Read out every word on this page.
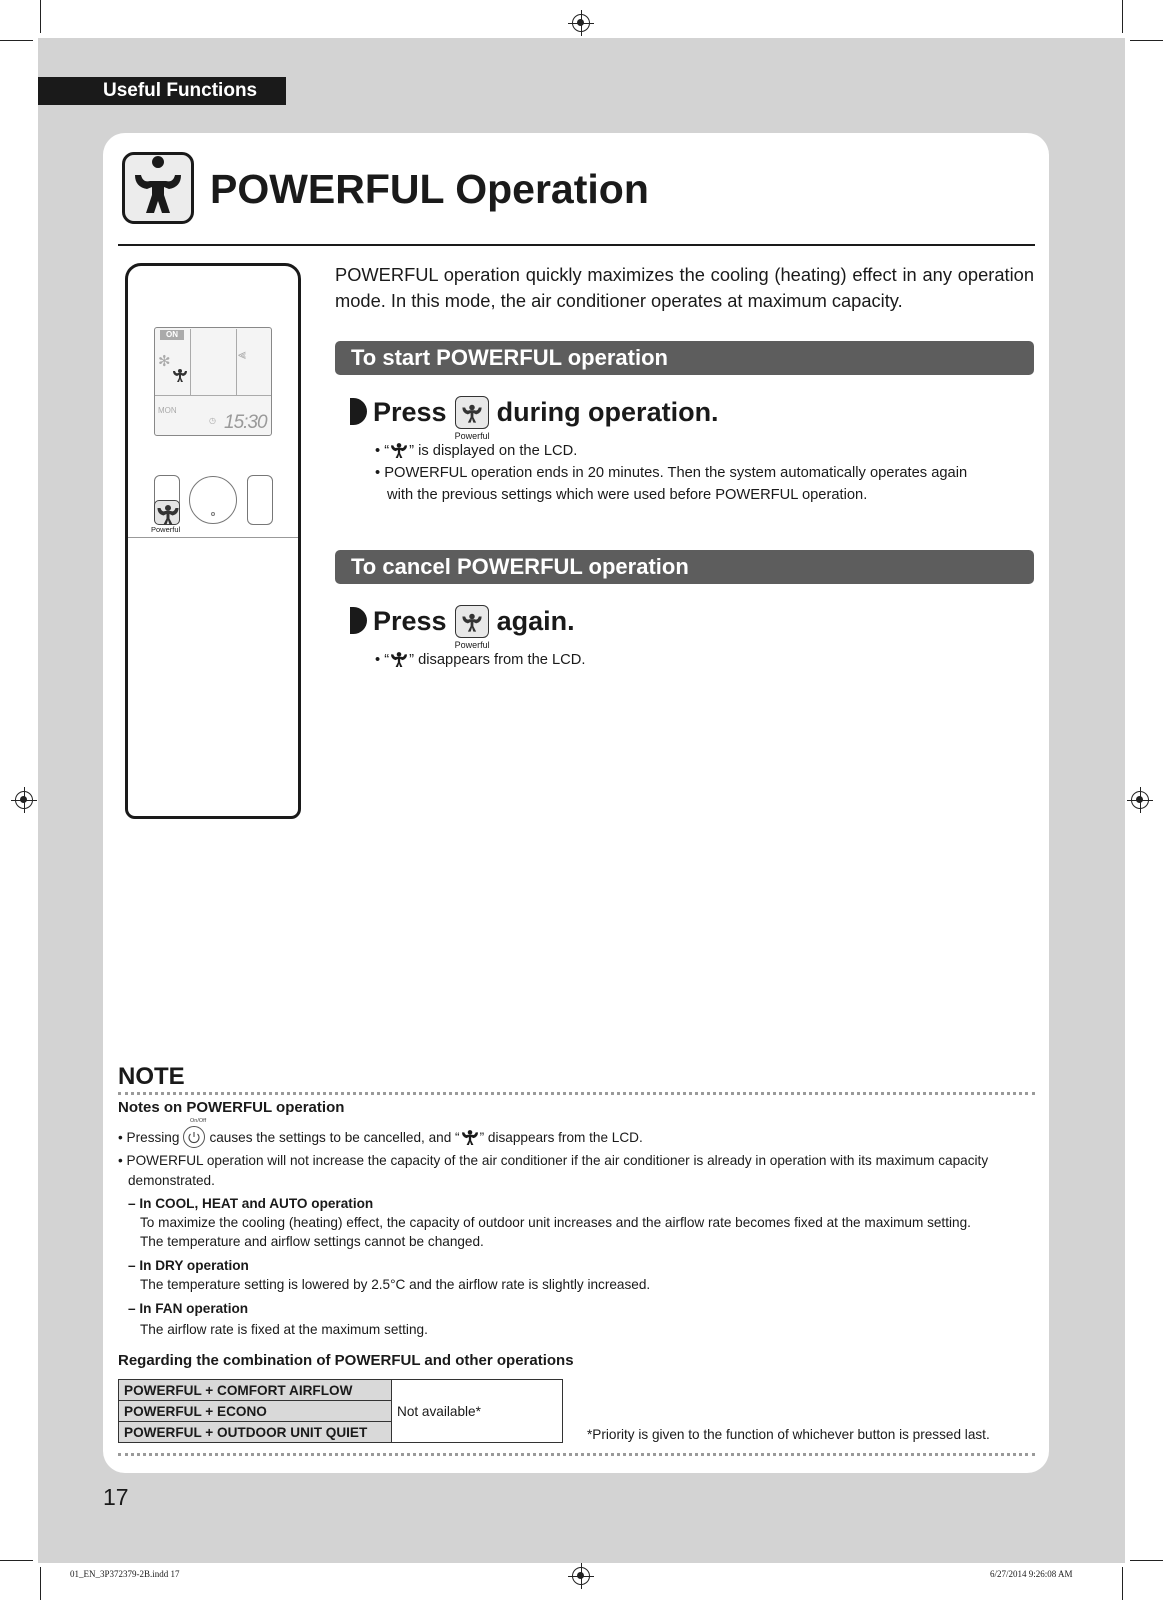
Useful Functions
POWERFUL Operation
ON
✻	⫷
MON
◷ 15:30
Powerful
POWERFUL operation quickly maximizes the cooling (heating) effect in any operation mode. In this mode, the air conditioner operates at maximum capacity.
To start POWERFUL operation
Press
Powerful
during operation.
• “ ” is displayed on the LCD.
• POWERFUL operation ends in 20 minutes. Then the system automatically operates again
with the previous settings which were used before POWERFUL operation.
To cancel POWERFUL operation
Press
Powerful
again.
• “ ” disappears from the LCD.
NOTE
Notes on POWERFUL operation
On/Off
• Pressing causes the settings to be cancelled, and “ ” disappears from the LCD.
• POWERFUL operation will not increase the capacity of the air conditioner if the air conditioner is already in operation with its maximum capacity
demonstrated.
– In COOL, HEAT and AUTO operation
To maximize the cooling (heating) effect, the capacity of outdoor unit increases and the airflow rate becomes fixed at the maximum setting.
The temperature and airflow settings cannot be changed.
– In DRY operation
The temperature setting is lowered by 2.5°C and the airflow rate is slightly increased.
– In FAN operation
The airflow rate is fixed at the maximum setting.
Regarding the combination of POWERFUL and other operations
POWERFUL + COMFORT AIRFLOW	Not available*
POWERFUL + ECONO
POWERFUL + OUTDOOR UNIT QUIET	*Priority is given to the function of whichever button is pressed last.
17
01_EN_3P372379-2B.indd 17	6/27/2014 9:26:08 AM
